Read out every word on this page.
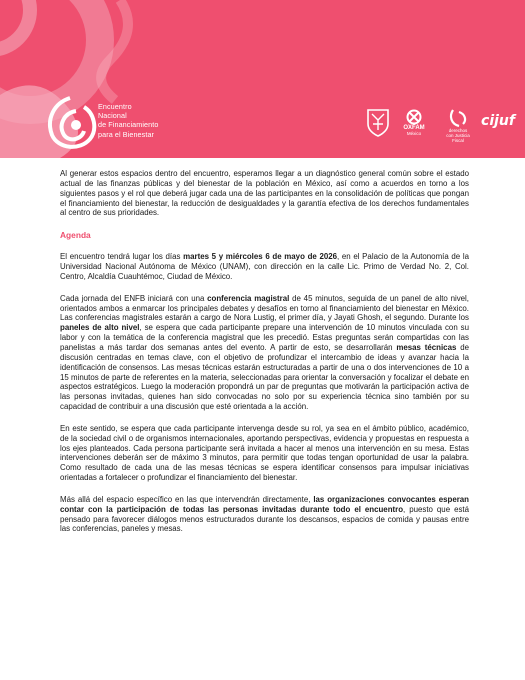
Encuentro
Nacional
de Financiamiento
para el Bienestar
OXFAM
México
derechos
con Justicia
Fiscal
cijuf

Al generar estos espacios dentro del encuentro, esperamos llegar a un diagnóstico general común sobre el estado actual de las finanzas públicas y del bienestar de la población en México, así como a acuerdos en torno a los siguientes pasos y el rol que deberá jugar cada una de las participantes en la consolidación de políticas que pongan el financiamiento del bienestar, la reducción de desigualdades y la garantía efectiva de los derechos fundamentales al centro de sus prioridades.

Agenda

El encuentro tendrá lugar los días martes 5 y miércoles 6 de mayo de 2026, en el Palacio de la Autonomía de la Universidad Nacional Autónoma de México (UNAM), con dirección en la calle Lic. Primo de Verdad No. 2, Col. Centro, Alcaldía Cuauhtémoc, Ciudad de México.

Cada jornada del ENFB iniciará con una conferencia magistral de 45 minutos, seguida de un panel de alto nivel, orientados ambos a enmarcar los principales debates y desafíos en torno al financiamiento del bienestar en México. Las conferencias magistrales estarán a cargo de Nora Lustig, el primer día, y Jayati Ghosh, el segundo. Durante los paneles de alto nivel, se espera que cada participante prepare una intervención de 10 minutos vinculada con su labor y con la temática de la conferencia magistral que les precedió. Estas preguntas serán compartidas con las panelistas a más tardar dos semanas antes del evento. A partir de esto, se desarrollarán mesas técnicas de discusión centradas en temas clave, con el objetivo de profundizar el intercambio de ideas y avanzar hacia la identificación de consensos. Las mesas técnicas estarán estructuradas a partir de una o dos intervenciones de 10 a 15 minutos de parte de referentes en la materia, seleccionadas para orientar la conversación y focalizar el debate en aspectos estratégicos. Luego la moderación propondrá un par de preguntas que motivarán la participación activa de las personas invitadas, quienes han sido convocadas no solo por su experiencia técnica sino también por su capacidad de contribuir a una discusión que esté orientada a la acción.

En este sentido, se espera que cada participante intervenga desde su rol, ya sea en el ámbito público, académico, de la sociedad civil o de organismos internacionales, aportando perspectivas, evidencia y propuestas en respuesta a los ejes planteados. Cada persona participante será invitada a hacer al menos una intervención en su mesa. Estas intervenciones deberán ser de máximo 3 minutos, para permitir que todas tengan oportunidad de usar la palabra. Como resultado de cada una de las mesas técnicas se espera identificar consensos para impulsar iniciativas orientadas a fortalecer o profundizar el financiamiento del bienestar.

Más allá del espacio específico en las que intervendrán directamente, las organizaciones convocantes esperan contar con la participación de todas las personas invitadas durante todo el encuentro, puesto que está pensado para favorecer diálogos menos estructurados durante los descansos, espacios de comida y pausas entre las conferencias, paneles y mesas.
